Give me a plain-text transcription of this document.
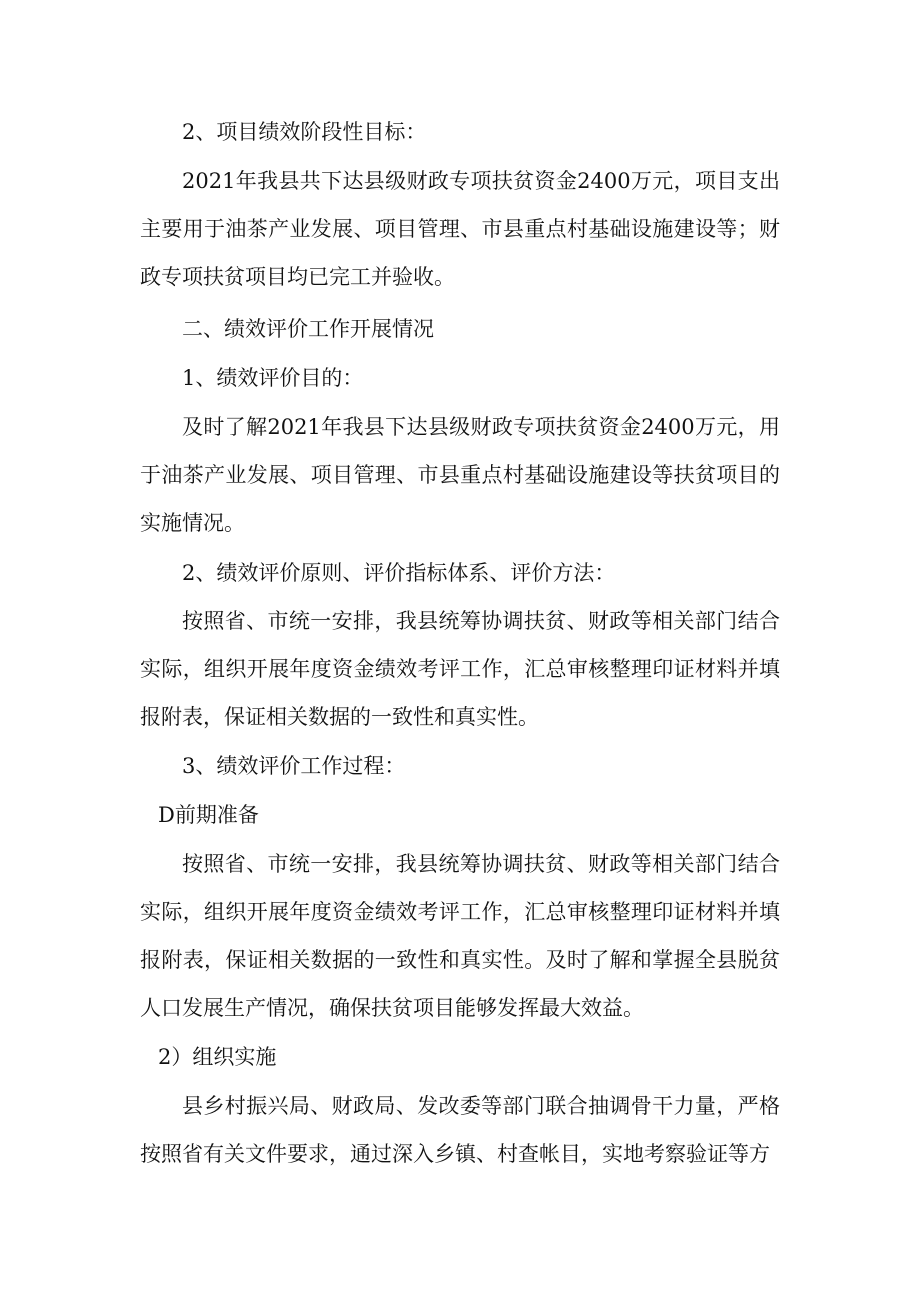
2、项目绩效阶段性目标：

2021年我县共下达县级财政专项扶贫资金2400万元，项目支出主要用于油茶产业发展、项目管理、市县重点村基础设施建设等；财政专项扶贫项目均已完工并验收。

二、绩效评价工作开展情况

1、绩效评价目的：

及时了解2021年我县下达县级财政专项扶贫资金2400万元，用于油茶产业发展、项目管理、市县重点村基础设施建设等扶贫项目的实施情况。

2、绩效评价原则、评价指标体系、评价方法：

按照省、市统一安排，我县统筹协调扶贫、财政等相关部门结合实际，组织开展年度资金绩效考评工作，汇总审核整理印证材料并填报附表，保证相关数据的一致性和真实性。

3、绩效评价工作过程：

D前期准备

按照省、市统一安排，我县统筹协调扶贫、财政等相关部门结合实际，组织开展年度资金绩效考评工作，汇总审核整理印证材料并填报附表，保证相关数据的一致性和真实性。及时了解和掌握全县脱贫人口发展生产情况，确保扶贫项目能够发挥最大效益。

2）组织实施

县乡村振兴局、财政局、发改委等部门联合抽调骨干力量，严格按照省有关文件要求，通过深入乡镇、村查帐目，实地考察验证等方
